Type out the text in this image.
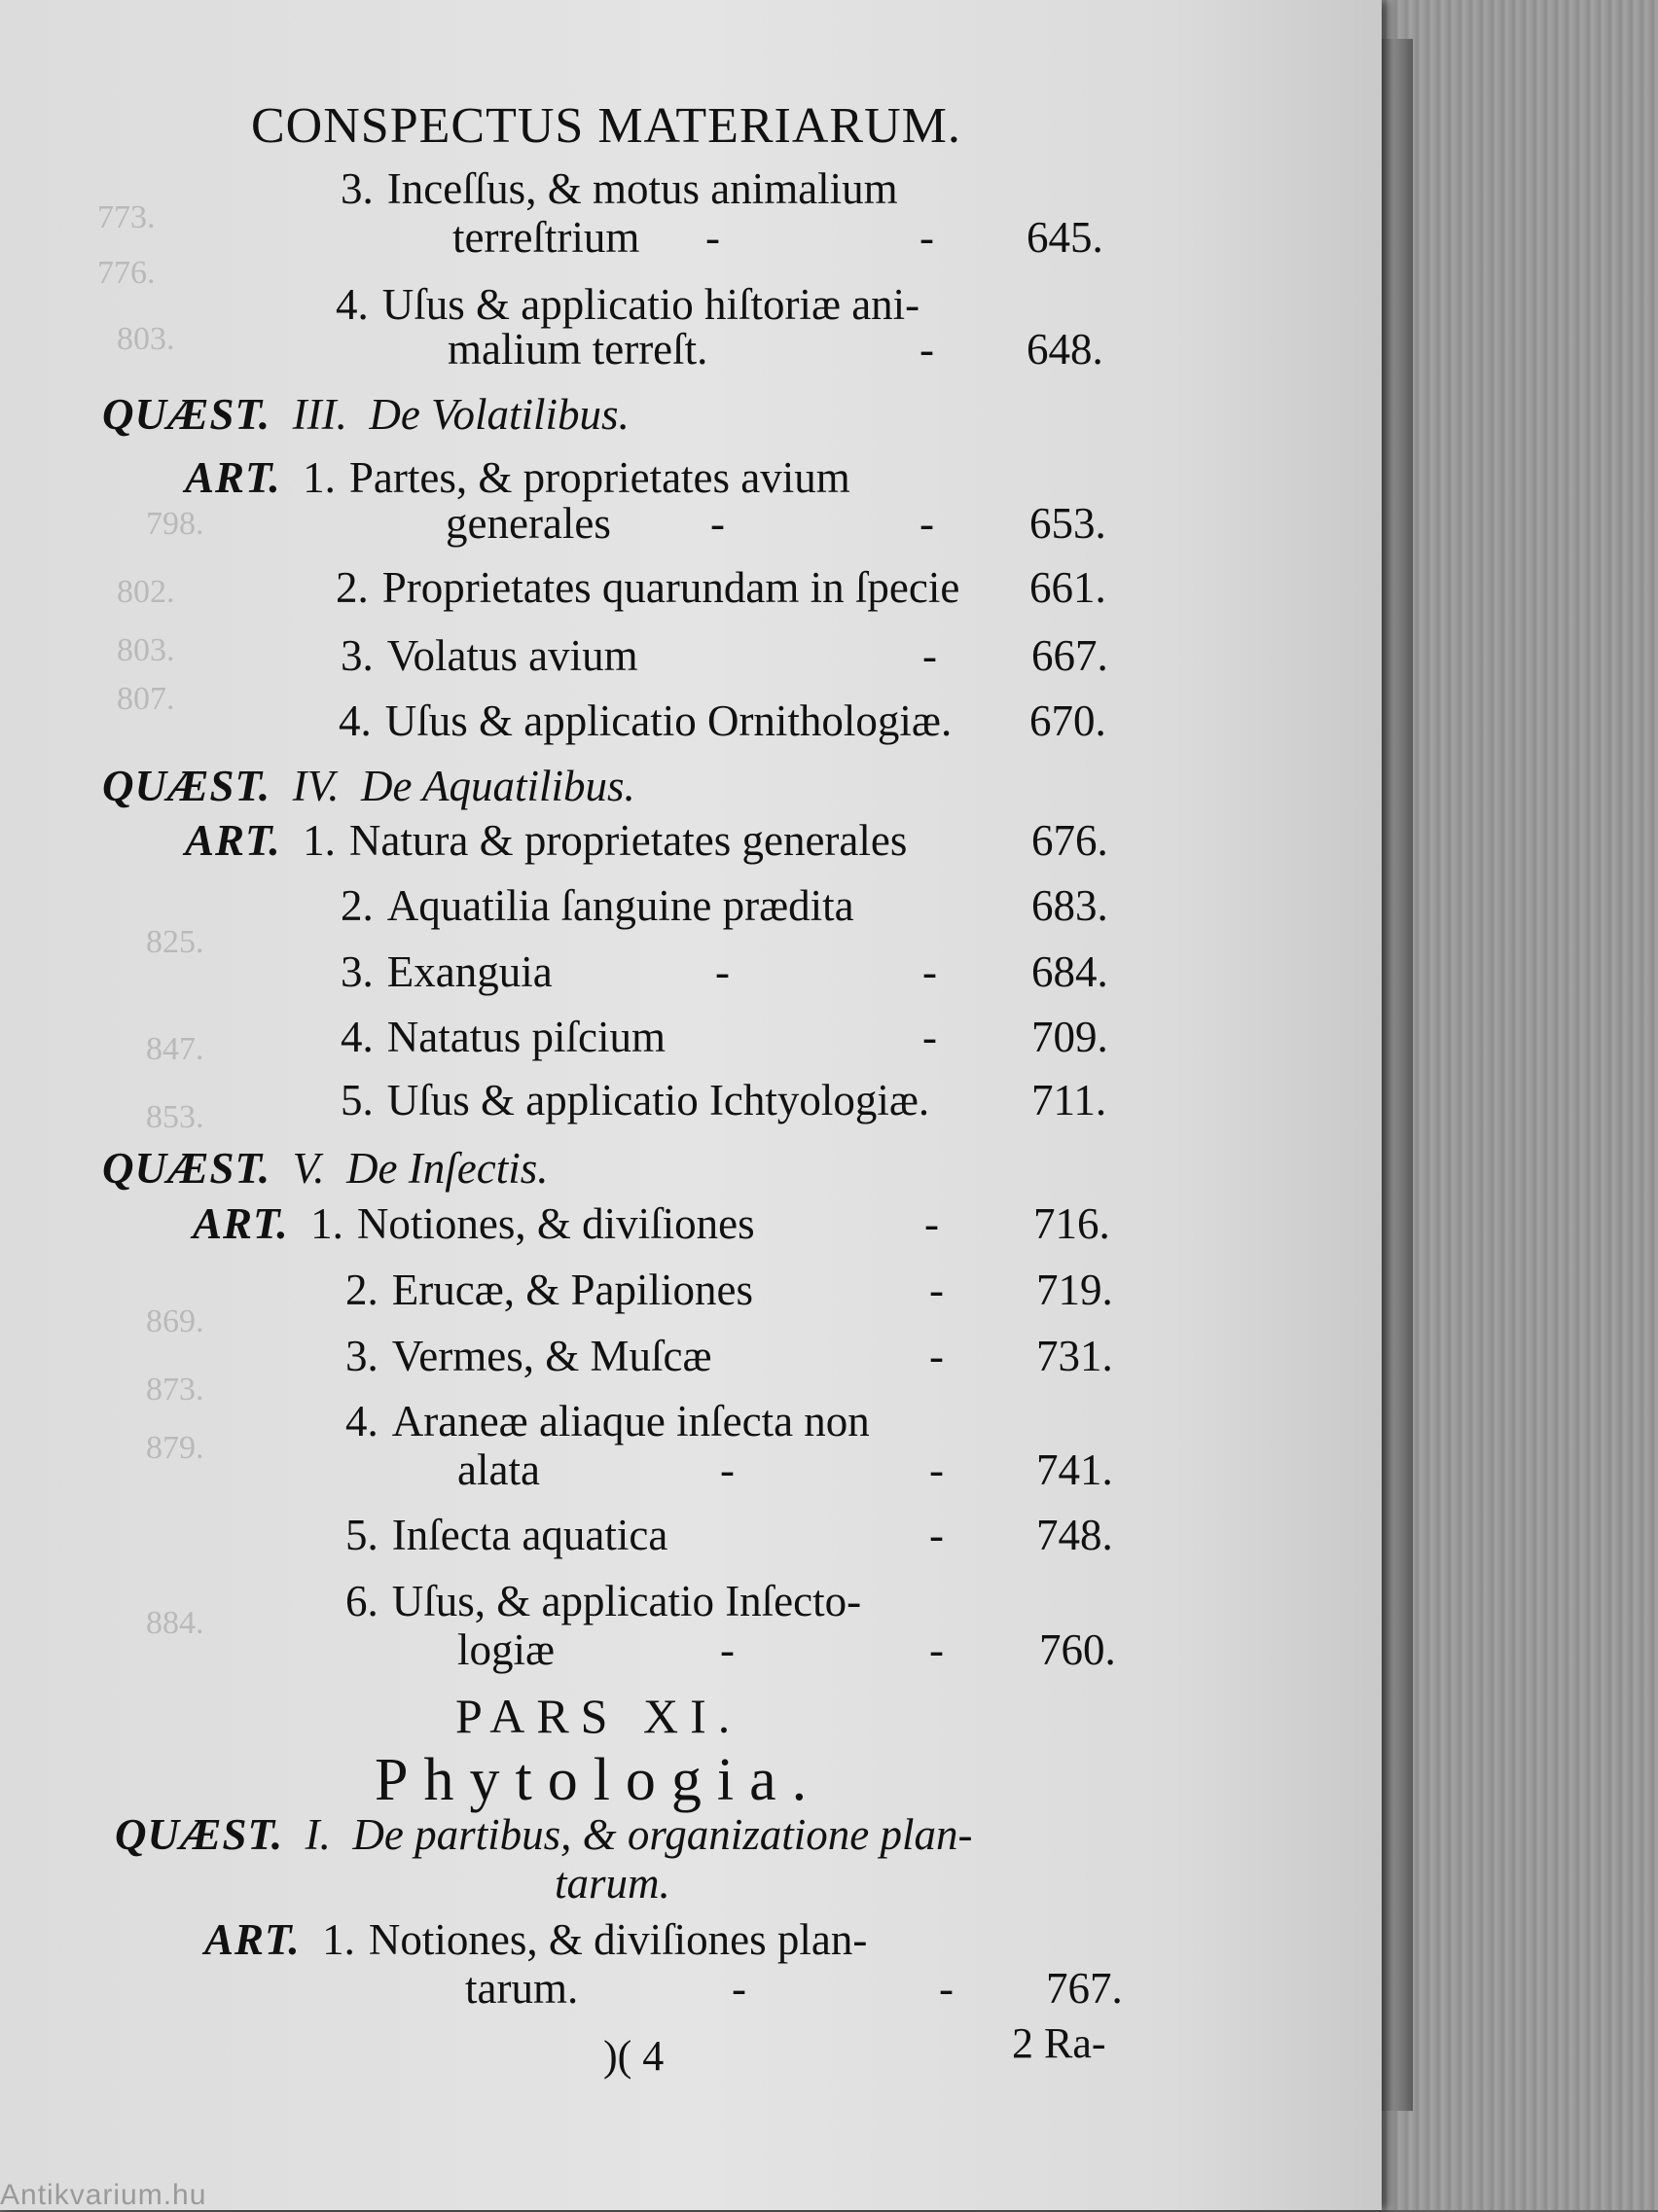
773.
776.
803.
798.
802.
803.
807.
825.
847.
853.
869.
873.
879.
884.
CONSPECTUS MATERIARUM.
3. Inceſſus, & motus animalium
terreſtrium -	- 645.
4. Uſus & applicatio hiſtoriæ ani-
malium terreſt.	- 648.
QUÆST. III. De Volatilibus.
ART. 1. Partes, & proprietates avium
generales -	- 653.
2. Proprietates quarundam in ſpecie 661.
3. Volatus avium	- 667.
4. Uſus & applicatio Ornithologiæ. 670.
QUÆST. IV. De Aquatilibus.
ART. 1. Natura & proprietates generales	676.
2. Aquatilia ſanguine prædita	683.
3. Exanguia	-	- 684.
4. Natatus piſcium	- 709.
5. Uſus & applicatio Ichtyologiæ. 711.
QUÆST. V. De Inſectis.
ART. 1. Notiones, & diviſiones	- 716.
2. Erucæ, & Papiliones	- 719.
3. Vermes, & Muſcæ	- 731.
4. Araneæ aliaque inſecta non
alata	-	- 741.
5. Inſecta aquatica	- 748.
6. Uſus, & applicatio Inſecto-
logiæ	-	- 760.
PARS XI.
Phytologia.
QUÆST. I. De partibus, & organizatione plan-
tarum.
ART. 1. Notiones, & diviſiones plan-
tarum.	-	- 767.
)( 4	2 Ra-
Antikvarium.hu
